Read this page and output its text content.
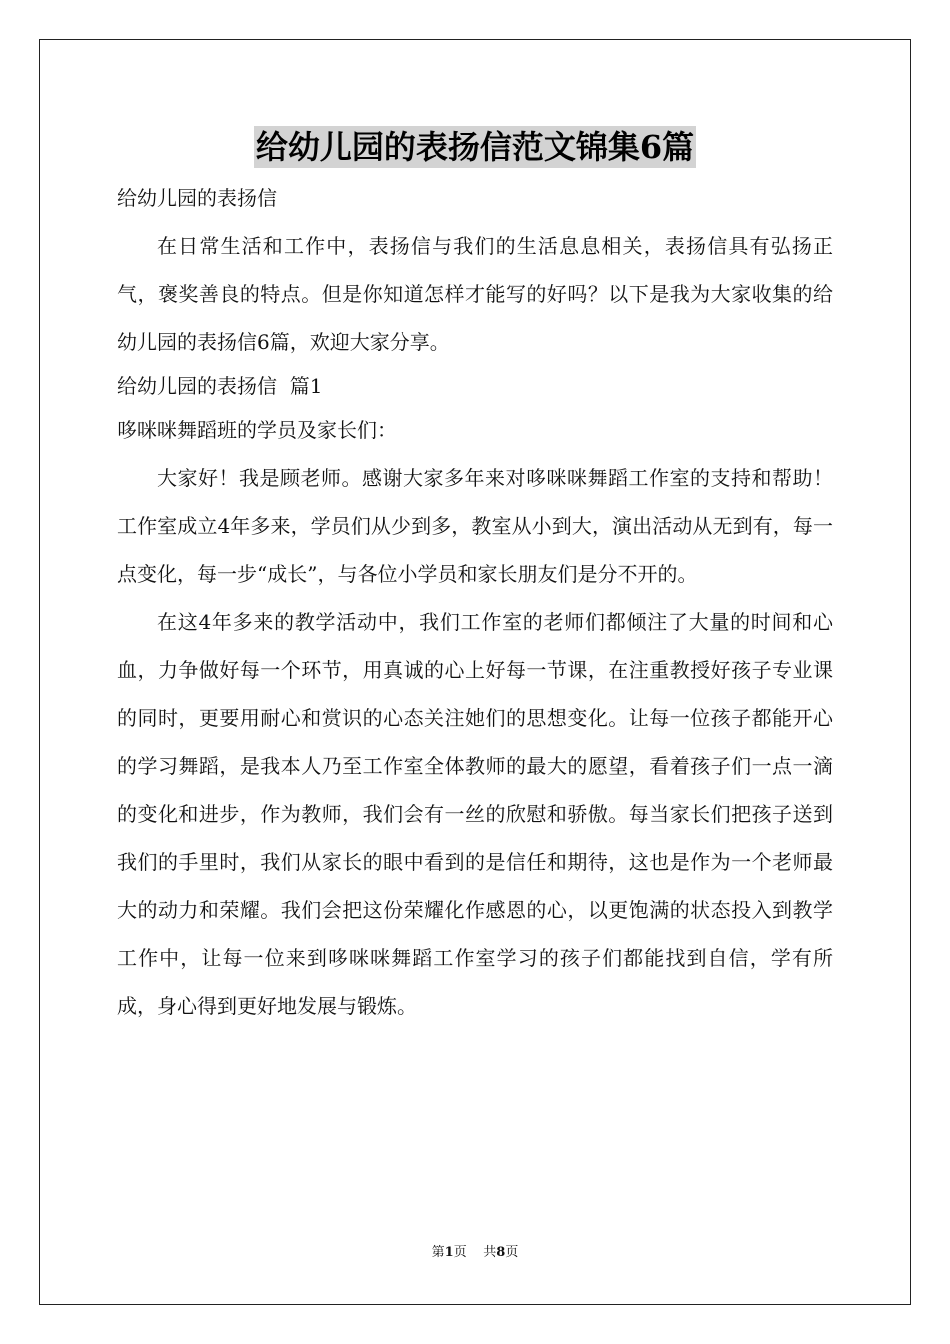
给幼儿园的表扬信范文锦集6篇

给幼儿园的表扬信

在日常生活和工作中，表扬信与我们的生活息息相关，表扬信具有弘扬正气，褒奖善良的特点。但是你知道怎样才能写的好吗？以下是我为大家收集的给幼儿园的表扬信6篇，欢迎大家分享。

给幼儿园的表扬信  篇1

哆咪咪舞蹈班的学员及家长们：

大家好！我是顾老师。感谢大家多年来对哆咪咪舞蹈工作室的支持和帮助！工作室成立4年多来，学员们从少到多，教室从小到大，演出活动从无到有，每一点变化，每一步“成长”，与各位小学员和家长朋友们是分不开的。

在这4年多来的教学活动中，我们工作室的老师们都倾注了大量的时间和心血，力争做好每一个环节，用真诚的心上好每一节课，在注重教授好孩子专业课的同时，更要用耐心和赏识的心态关注她们的思想变化。让每一位孩子都能开心的学习舞蹈，是我本人乃至工作室全体教师的最大的愿望，看着孩子们一点一滴的变化和进步，作为教师，我们会有一丝的欣慰和骄傲。每当家长们把孩子送到我们的手里时，我们从家长的眼中看到的是信任和期待，这也是作为一个老师最大的动力和荣耀。我们会把这份荣耀化作感恩的心，以更饱满的状态投入到教学工作中，让每一位来到哆咪咪舞蹈工作室学习的孩子们都能找到自信，学有所成，身心得到更好地发展与锻炼。

第1页 共8页
